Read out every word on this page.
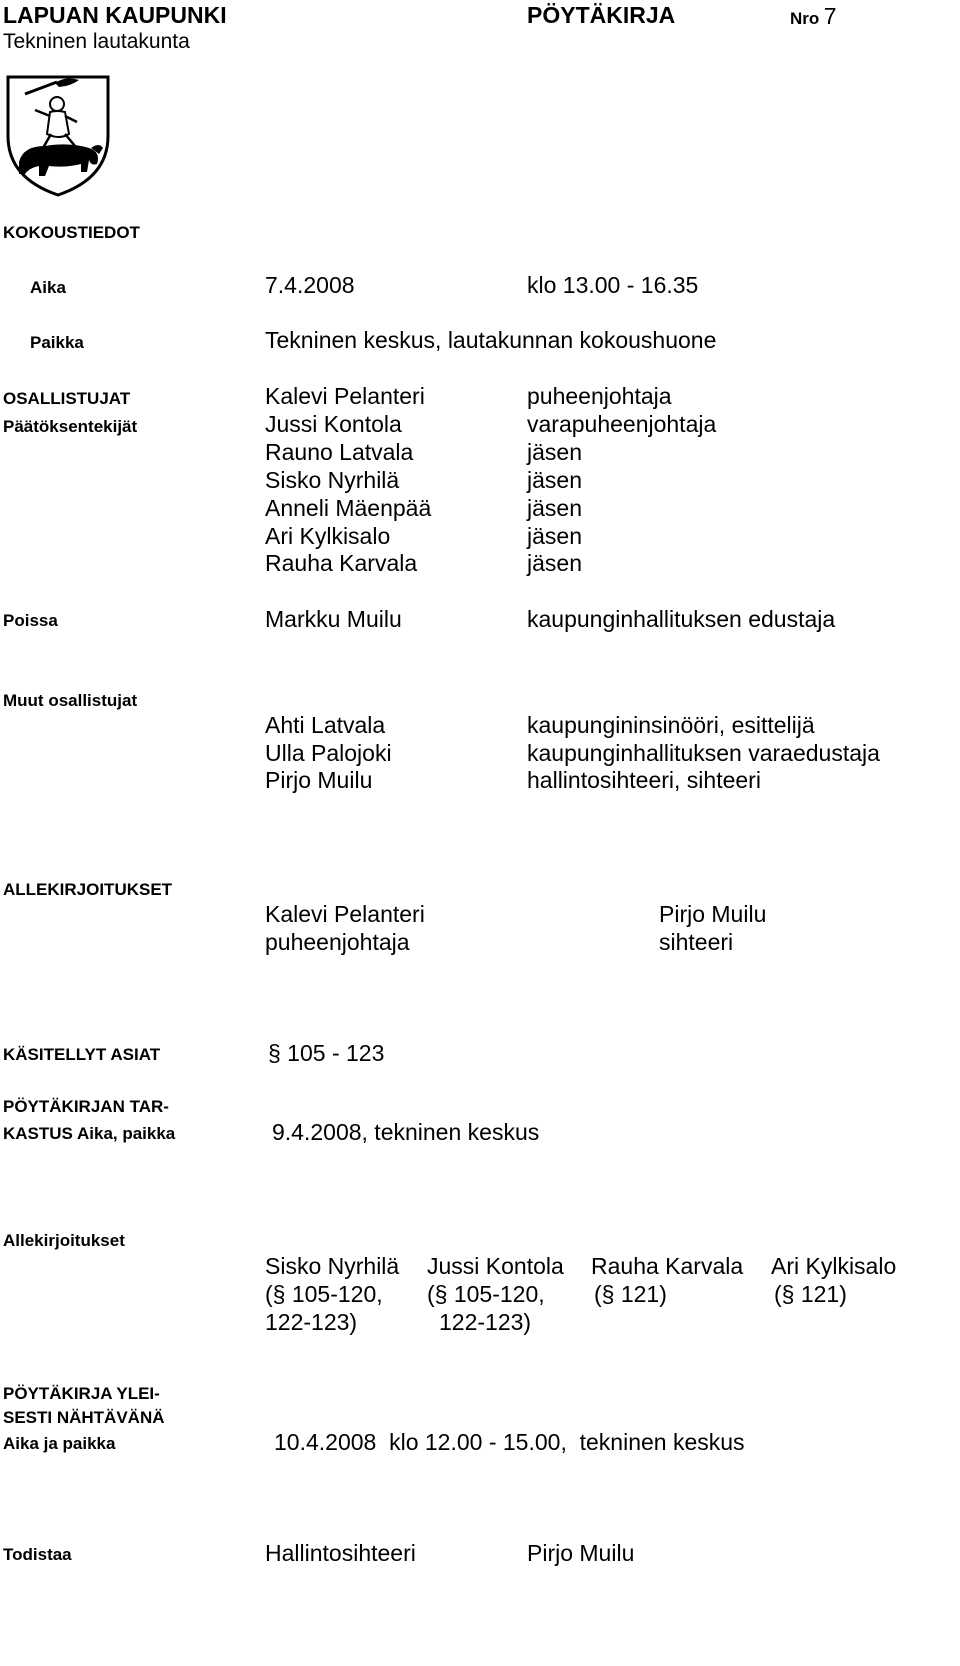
LAPUAN KAUPUNKI	PÖYTÄKIRJA	Nro 7
Tekninen lautakunta
KOKOUSTIEDOT
Aika	7.4.2008	klo 13.00 - 16.35
Paikka	Tekninen keskus, lautakunnan kokoushuone
OSALLISTUJAT
Päätöksentekijät
Kalevi Pelanteri	puheenjohtaja
Jussi Kontola	varapuheenjohtaja
Rauno Latvala	jäsen
Sisko Nyrhilä	jäsen
Anneli Mäenpää	jäsen
Ari Kylkisalo	jäsen
Rauha Karvala	jäsen
Poissa	Markku Muilu	kaupunginhallituksen edustaja
Muut osallistujat
Ahti Latvala	kaupungininsinööri, esittelijä
Ulla Palojoki	kaupunginhallituksen varaedustaja
Pirjo Muilu	hallintosihteeri, sihteeri
ALLEKIRJOITUKSET
Kalevi Pelanteri
puheenjohtaja
Pirjo Muilu
sihteeri
KÄSITELLYT ASIAT	§ 105 - 123
PÖYTÄKIRJAN TAR-
KASTUS Aika, paikka	9.4.2008, tekninen keskus
Allekirjoitukset
Sisko Nyrhilä
(§ 105-120,
122-123)
Jussi Kontola
(§ 105-120,
122-123)
Rauha Karvala
(§ 121)
Ari Kylkisalo
(§ 121)
PÖYTÄKIRJA YLEI-
SESTI NÄHTÄVÄNÄ
Aika ja paikka	10.4.2008  klo 12.00 - 15.00,  tekninen keskus
Todistaa	Hallintosihteeri	Pirjo Muilu
